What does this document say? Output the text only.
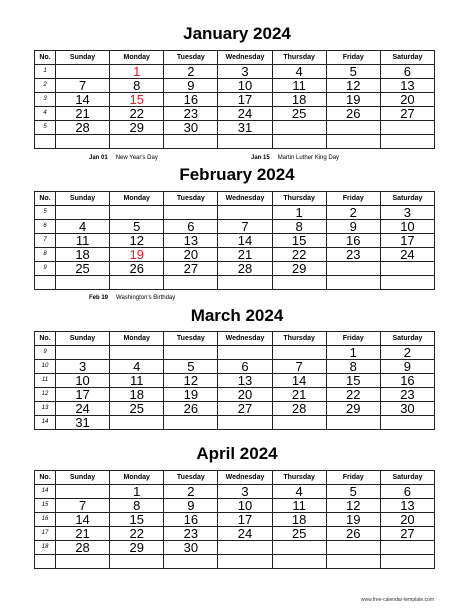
January 2024
No.	Sunday	Monday	Tuesday	Wednesday	Thursday	Friday	Saturday
1		1	2	3	4	5	6
2	7	8	9	10	11	12	13
3	14	15	16	17	18	19	20
4	21	22	23	24	25	26	27
5	28	29	30	31			

Jan 01 New Year's Day	Jan 15 Martin Luther King Day
February 2024
No.	Sunday	Monday	Tuesday	Wednesday	Thursday	Friday	Saturday
5					1	2	3
6	4	5	6	7	8	9	10
7	11	12	13	14	15	16	17
8	18	19	20	21	22	23	24
9	25	26	27	28	29		

Feb 19 Washington's Birthday
March 2024
No.	Sunday	Monday	Tuesday	Wednesday	Thursday	Friday	Saturday
9						1	2
10	3	4	5	6	7	8	9
11	10	11	12	13	14	15	16
12	17	18	19	20	21	22	23
13	24	25	26	27	28	29	30
14	31						
April 2024
No.	Sunday	Monday	Tuesday	Wednesday	Thursday	Friday	Saturday
14		1	2	3	4	5	6
15	7	8	9	10	11	12	13
16	14	15	16	17	18	19	20
17	21	22	23	24	25	26	27
18	28	29	30				

www.free-calendar-template.com
